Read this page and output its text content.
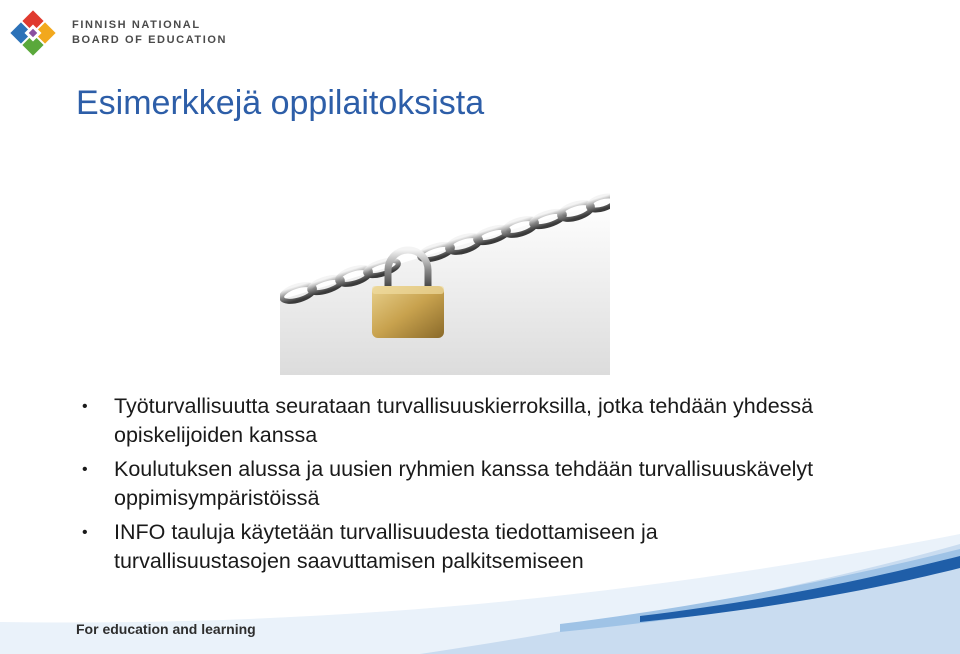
FINNISH NATIONAL
BOARD OF EDUCATION
Esimerkkejä oppilaitoksista
• Työturvallisuutta seurataan turvallisuuskierroksilla, jotka tehdään yhdessä opiskelijoiden kanssa
• Koulutuksen alussa ja uusien ryhmien kanssa tehdään turvallisuuskävelyt oppimisympäristöissä
• INFO tauluja käytetään turvallisuudesta tiedottamiseen ja turvallisuustasojen saavuttamisen palkitsemiseen
For education and learning
